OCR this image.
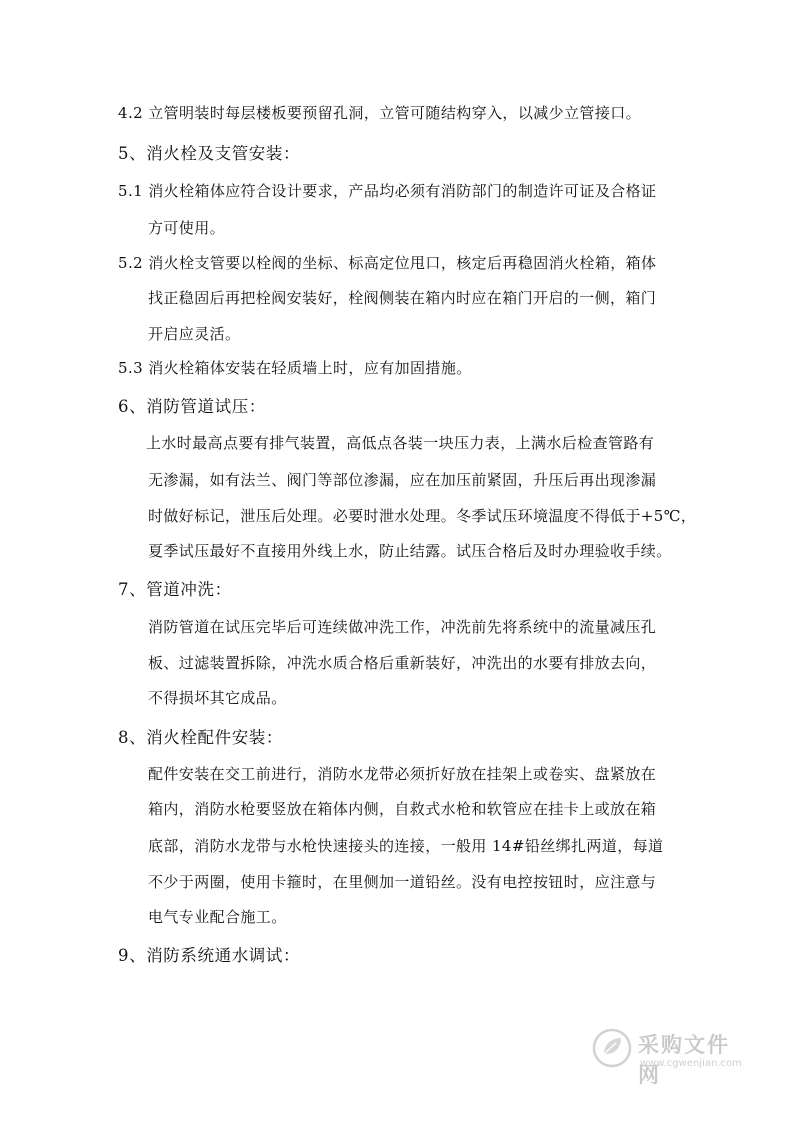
4.2 立管明装时每层楼板要预留孔洞，立管可随结构穿入，以减少立管接口。
5、消火栓及支管安装：
5.1 消火栓箱体应符合设计要求，产品均必须有消防部门的制造许可证及合格证
方可使用。
5.2 消火栓支管要以栓阀的坐标、标高定位甩口，核定后再稳固消火栓箱，箱体
找正稳固后再把栓阀安装好，栓阀侧装在箱内时应在箱门开启的一侧，箱门
开启应灵活。
5.3 消火栓箱体安装在轻质墙上时，应有加固措施。
6、消防管道试压：
上水时最高点要有排气装置，高低点各装一块压力表，上满水后检查管路有
无渗漏，如有法兰、阀门等部位渗漏，应在加压前紧固，升压后再出现渗漏
时做好标记，泄压后处理。必要时泄水处理。冬季试压环境温度不得低于+5℃，
夏季试压最好不直接用外线上水，防止结露。试压合格后及时办理验收手续。
7、管道冲洗：
消防管道在试压完毕后可连续做冲洗工作，冲洗前先将系统中的流量减压孔
板、过滤装置拆除，冲洗水质合格后重新装好，冲洗出的水要有排放去向，
不得损坏其它成品。
8、消火栓配件安装：
配件安装在交工前进行，消防水龙带必须折好放在挂架上或卷实、盘紧放在
箱内，消防水枪要竖放在箱体内侧，自救式水枪和软管应在挂卡上或放在箱
底部，消防水龙带与水枪快速接头的连接，一般用 14#铅丝绑扎两道，每道
不少于两圈，使用卡箍时，在里侧加一道铅丝。没有电控按钮时，应注意与
电气专业配合施工。
9、消防系统通水调试：
采购文件网
www.cgwenjian.com
